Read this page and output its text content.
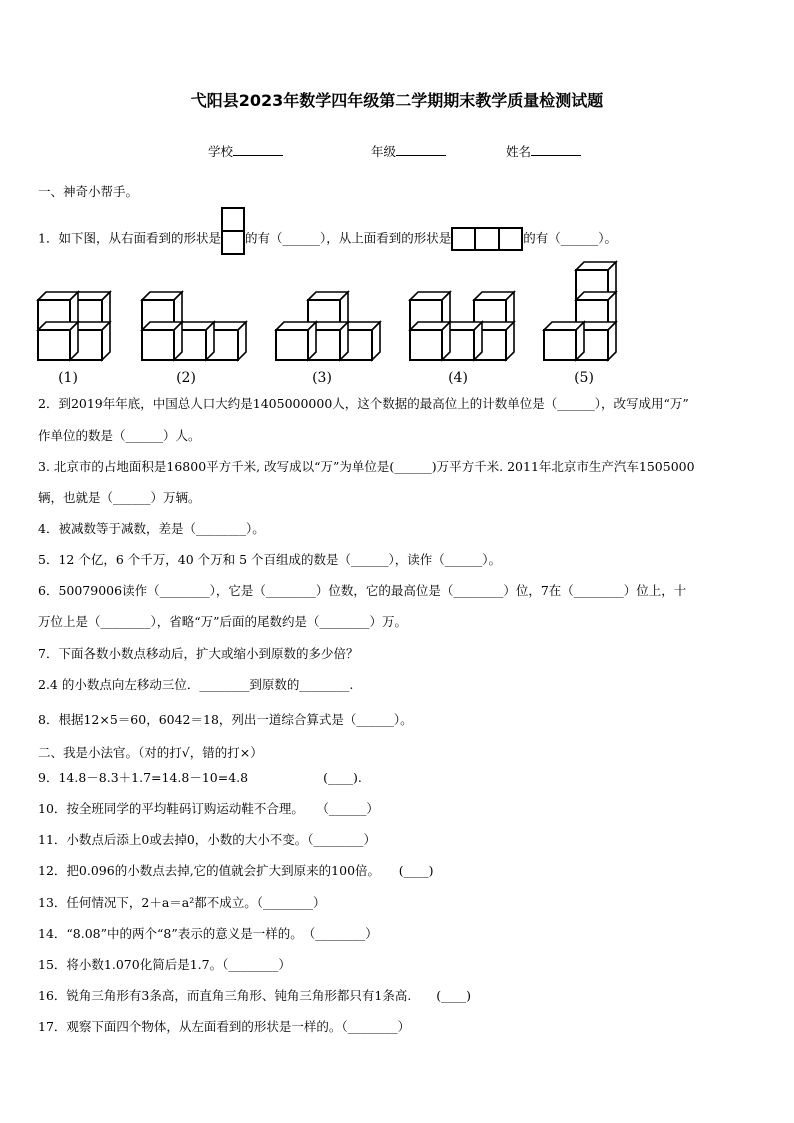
弋阳县2023年数学四年级第二学期期末教学质量检测试题
学校	年级	姓名
一、神奇小帮手。
1．如下图，从右面看到的形状是 的有（______），从上面看到的形状是	的有（______）。
(1)	(2)	(3)	(4)	(5)
2．到2019年年底，中国总人口大约是1405000000人，这个数据的最高位上的计数单位是（______），改写成用“万”
作单位的数是（______）人。
3. 北京市的占地面积是16800平方千米, 改写成以“万”为单位是(______)万平方千米. 2011年北京市生产汽车1505000
辆，也就是（______）万辆。
4．被减数等于减数，差是（________）。
5．12 个亿，6 个千万，40 个万和 5 个百组成的数是（______），读作（______）。
6．50079006读作（________），它是（________）位数，它的最高位是（________）位，7在（________）位上，十
万位上是（________），省略“万”后面的尾数约是（________）万。
7．下面各数小数点移动后，扩大或缩小到原数的多少倍？
2.4 的小数点向左移动三位．________到原数的________.
8．根据12×5＝60，6042＝18，列出一道综合算式是（______）。
二、我是小法官。（对的打√，错的打×）
9．14.8－8.3＋1.7=14.8－10=4.8　　　　　　(____).
10．按全班同学的平均鞋码订购运动鞋不合理。　　（______）
11．小数点后添上0或去掉0，小数的大小不变。（________）
12．把0.096的小数点去掉,它的值就会扩大到原来的100倍。　　(____)
13．任何情况下，2＋a＝a²都不成立。（________）
14．“8.08”中的两个“8”表示的意义是一样的。　（________）
15．将小数1.070化简后是1.7。（________）
16．锐角三角形有3条高，而直角三角形、钝角三角形都只有1条高.　　(____)
17．观察下面四个物体，从左面看到的形状是一样的。（________）
